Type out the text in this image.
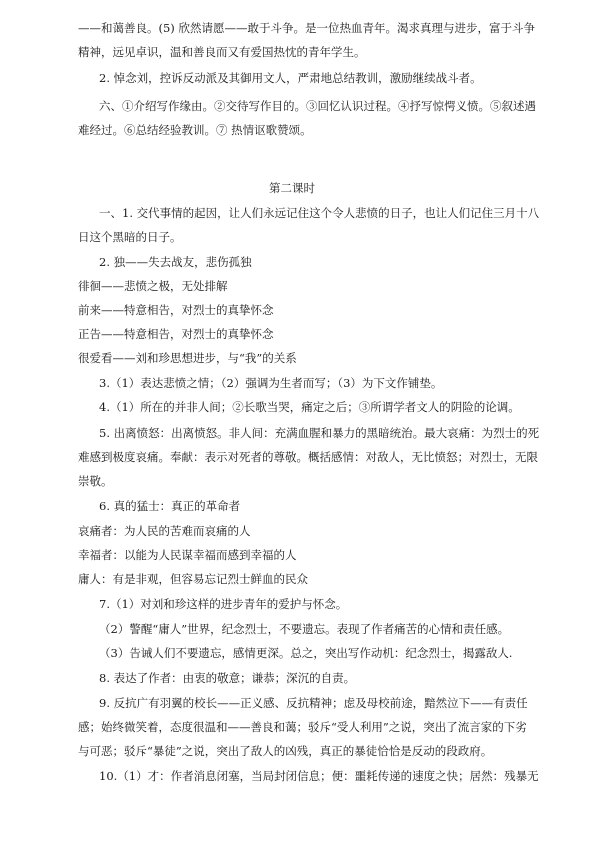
——和蔼善良。(5) 欣然请愿——敢于斗争。是一位热血青年。渴求真理与进步，富于斗争
精神，远见卓识，温和善良而又有爱国热忱的青年学生。
2. 悼念刘，控诉反动派及其御用文人，严肃地总结教训，激励继续战斗者。
六、①介绍写作缘由。②交待写作目的。③回忆认识过程。④抒写惊愕义愤。⑤叙述遇
难经过。⑥总结经验教训。⑦ 热情讴歌赞颂。
第二课时
一、1. 交代事情的起因，让人们永远记住这个令人悲愤的日子，也让人们记住三月十八
日这个黑暗的日子。
2. 独——失去战友，悲伤孤独
徘徊——悲愤之极，无处排解
前来——特意相告，对烈士的真挚怀念
正告——特意相告，对烈士的真挚怀念
很爱看——刘和珍思想进步，与“我”的关系
3.（1）表达悲愤之情；（2）强调为生者而写；（3）为下文作铺垫。
4.（1）所在的并非人间；②长歌当哭，痛定之后；③所谓学者文人的阴险的论调。
5. 出离愤怒：出离愤怒。非人间：充满血腥和暴力的黑暗统治。最大哀痛：为烈士的死
难感到极度哀痛。奉献：表示对死者的尊敬。概括感情：对敌人，无比愤怒；对烈士，无限
崇敬。
6. 真的猛士：真正的革命者
哀痛者：为人民的苦难而哀痛的人
幸福者：以能为人民谋幸福而感到幸福的人
庸人：有是非观，但容易忘记烈士鲜血的民众
7.（1）对刘和珍这样的进步青年的爱护与怀念。
（2）警醒“庸人”世界，纪念烈士，不要遗忘。表现了作者痛苦的心情和责任感。
（3）告诫人们不要遗忘，感情更深。总之，突出写作动机：纪念烈士，揭露敌人.
8. 表达了作者：由衷的敬意；谦恭；深沉的自责。
9. 反抗广有羽翼的校长——正义感、反抗精神；虑及母校前途，黯然泣下——有责任
感；始终微笑着，态度很温和——善良和蔼；驳斥“受人利用”之说，突出了流言家的下劣
与可恶；驳斥“暴徒”之说，突出了敌人的凶残，真正的暴徒恰恰是反动的段政府。
10.（1）才：作者消息闭塞，当局封闭信息；便：噩耗传递的速度之快；居然：残暴无
